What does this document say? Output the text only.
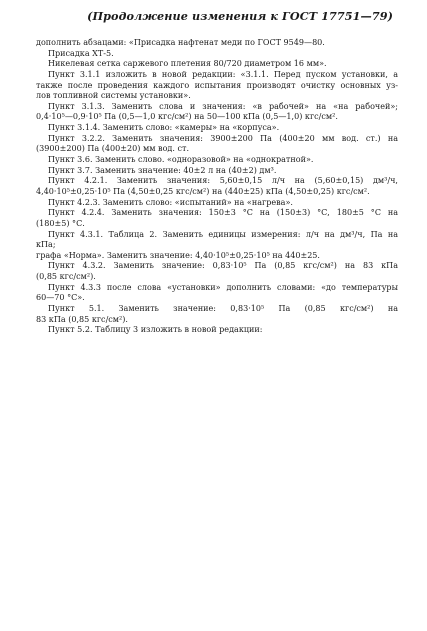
(Продолжение изменения к ГОСТ 17751—79)
дополнить абзацами: «Присадка нафтенат меди по ГОСТ 9549—80.
Присадка ХТ-5.
Никелевая сетка саржевого плетения 80/720 диаметром 16 мм».
Пункт 3.1.1 изложить в новой редакции: «3.1.1. Перед пуском установки, а
также после проведения каждого испытания производят очистку основных уз-
лов топливной системы установки».
Пункт 3.1.3. Заменить слова и значения: «в рабочей» на «на рабочей»;
0,4·10⁵—0,9·10⁵ Па (0,5—1,0 кгс/см²) на 50—100 кПа (0,5—1,0) кгс/см².
Пункт 3.1.4. Заменить слово: «камеры» на «корпуса».
Пункт 3.2.2. Заменить значения: 3900±200 Па (400±20 мм вод. ст.) на
(3900±200) Па (400±20) мм вод. ст.
Пункт 3.6. Заменить слово. «одноразовой» на «однократной».
Пункт 3.7. Заменить значение: 40±2 л на (40±2) дм³.
Пункт 4.2.1. Заменить значения: 5,60±0,15 л/ч на (5,60±0,15) дм³/ч,
4,40·10⁵±0,25·10⁵ Па (4,50±0,25 кгс/см²) на (440±25) кПа (4,50±0,25) кгс/см².
Пункт 4.2.3. Заменить слово: «испытаний» на «нагрева».
Пункт 4.2.4. Заменить значения: 150±3 °С на (150±3) °С, 180±5 °С на
(180±5) °С.
Пункт 4.3.1. Таблица 2. Заменить единицы измерения: л/ч на дм³/ч, Па на
кПа;
графа «Норма». Заменить значение: 4,40·10⁵±0,25·10⁵ на 440±25.
Пункт 4.3.2. Заменить значение: 0,83·10⁵ Па (0,85 кгс/см²) на 83 кПа
(0,85 кгс/см²).
Пункт 4.3.3 после слова «установки» дополнить словами: «до температуры
60—70 °С».
Пункт 5.1. Заменить значение: 0,83·10⁵ Па (0,85 кгс/см²) на
83 кПа (0,85 кгс/см²).
Пункт 5.2. Таблицу 3 изложить в новой редакции:
